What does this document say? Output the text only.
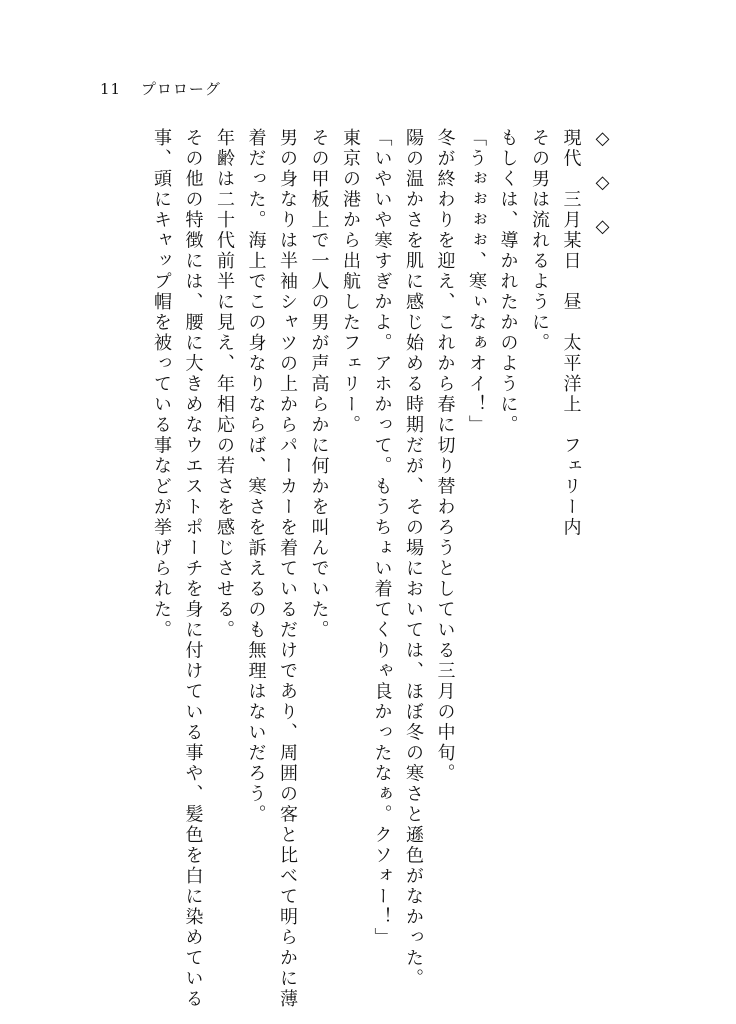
11 プロローグ
◇　◇　◇
現代　三月某日　昼　太平洋上　フェリー内
その男は流れるように。
もしくは、導かれたかのように。
「うぉぉぉぉ、寒ぃなぁオイ！」
冬が終わりを迎え、これから春に切り替わろうとしている三月の中旬。
陽の温かさを肌に感じ始める時期だが、その場においては、ほぼ冬の寒さと遜色がなかった。
「いやいや寒すぎかよ。アホかって。もうちょい着てくりゃ良かったなぁ。クソォー！」
東京の港から出航したフェリー。
その甲板上で一人の男が声高らかに何かを叫んでいた。
男の身なりは半袖シャツの上からパーカーを着ているだけであり、周囲の客と比べて明らかに薄
着だった。海上でこの身なりならば、寒さを訴えるのも無理はないだろう。
年齢は二十代前半に見え、年相応の若さを感じさせる。
その他の特徴には、腰に大きめなウエストポーチを身に付けている事や、髪色を白に染めている
事、頭にキャップ帽を被っている事などが挙げられた。
